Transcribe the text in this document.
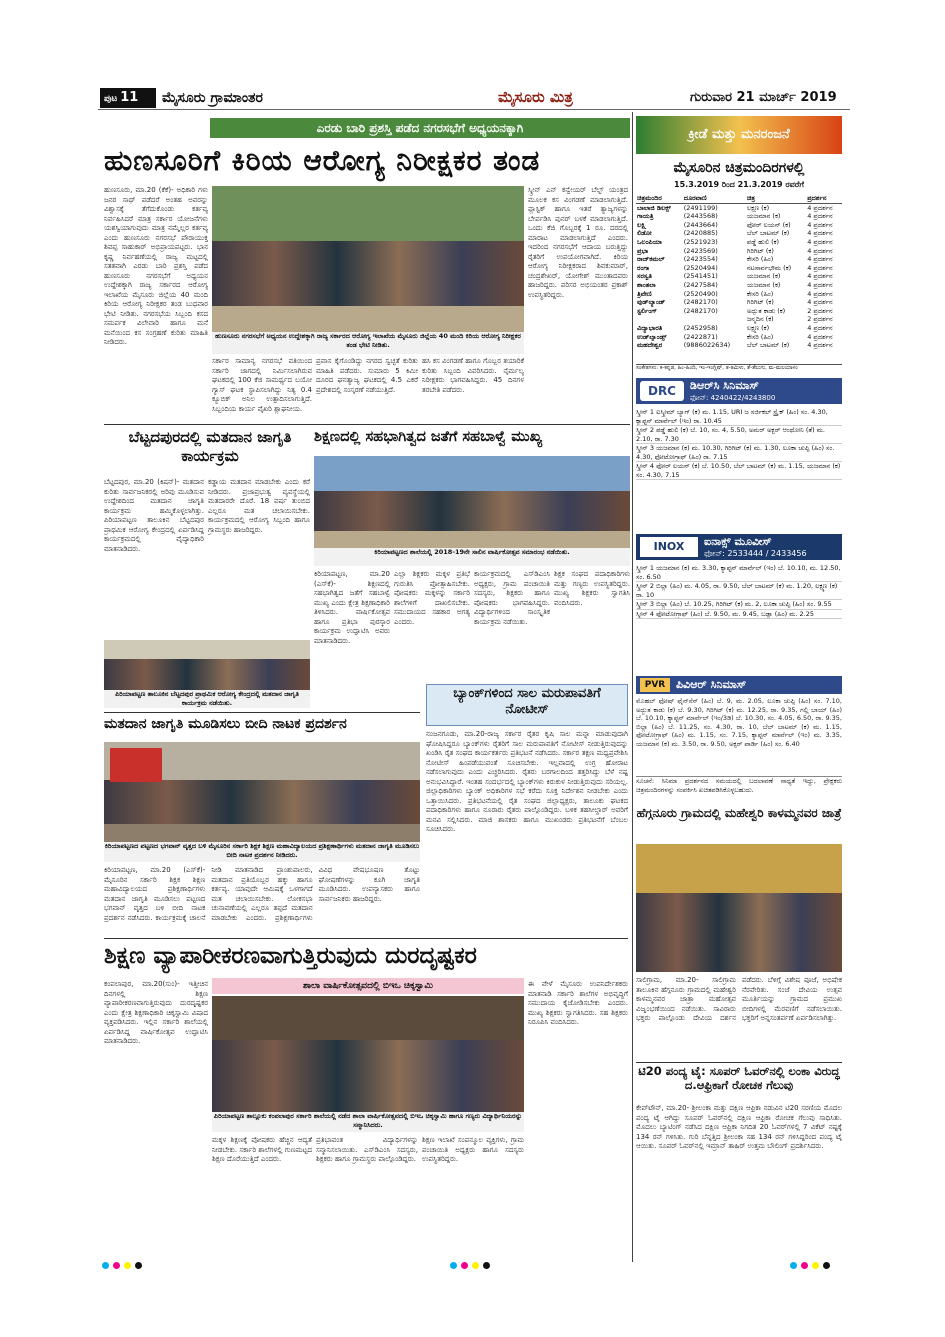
ಪುಟ 11	ಮೈಸೂರು ಗ್ರಾಮಾಂತರ	ಮೈಸೂರು ಮಿತ್ರ	ಗುರುವಾರ 21 ಮಾರ್ಚ್ 2019
ಎರಡು ಬಾರಿ ಪ್ರಶಸ್ತಿ ಪಡೆದ ನಗರಸಭೆಗೆ ಅಧ್ಯಯನಕ್ಕಾಗಿ
ಹುಣಸೂರಿಗೆ ಕಿರಿಯ ಆರೋಗ್ಯ ನಿರೀಕ್ಷಕರ ತಂಡ
ಹುಣಸೂರು, ಮಾ.20 (ಕೆಕೆ)- ಅಧಿಕಾರಿ ಗಳು ಜನರ ಸಾಥ್ ಪಡೆದರೆ ಅಂತಹ ಅವರನ್ನು ವಿಶ್ವಾಸಕ್ಕೆ ತೆಗೆದುಕೊಂಡು ಕರ್ತವ್ಯ ನಿರ್ವಹಿಸಿದರೆ ಮಾತ್ರ ಸರ್ಕಾರ ಯೋಜನೆಗಳು ಯಶಸ್ವಿಯಾಗುವುದು ಮಾತ್ರ ನಮ್ಮೆಲ್ಲರ ಕರ್ತವ್ಯ ಎಂದು ಹುಣಸೂರು ನಗರಸಭೆ ಪೌರಾಯುಕ್ತ ಶಿವಪ್ಪ ಸಾಹುಕಾರ್ ಅಭಿಪ್ರಾಯಪಟ್ಟರು. ಭಾನ ಕೃಷ್ಣ ನಿರ್ವಹಣೆಯಲ್ಲಿ ರಾಜ್ಯ ಮಟ್ಟದಲ್ಲಿ ಸತತವಾಗಿ ಎರಡು ಬಾರಿ ಪ್ರಶಸ್ತಿ ಪಡೆದ ಹುಣಸೂರು ನಗರಸಭೆಗೆ ಅಧ್ಯಯನ ಉದ್ದೇಶಕ್ಕಾಗಿ ರಾಜ್ಯ ಸರ್ಕಾರದ ಆರೋಗ್ಯ ಇಲಾಖೆಯ ಮೈಸೂರು ಜಿಲ್ಲೆಯ 40 ಮಂದಿ ಕಿರಿಯ ಆರೋಗ್ಯ ನಿರೀಕ್ಷಕರ ತಂಡ ಬುಧವಾರ ಭೇಟಿ ನೀಡಿತು. ನಗರಸಭೆಯ ಸಿಬ್ಬಂದಿ ಕಸದ ಸಮರ್ಪಕ ವಿಲೇವಾರಿ ಹಾಗೂ ಮನೆ ಮನೆಯಿಂದ ಕಸ ಸಂಗ್ರಹಣೆ ಕುರಿತು ಮಾಹಿತಿ ನೀಡಿದರು.
ಹುಣಸೂರು ನಗರಸಭೆಗೆ ಅಧ್ಯಯನ ಉದ್ದೇಶಕ್ಕಾಗಿ ರಾಜ್ಯ ಸರ್ಕಾರದ ಆರೋಗ್ಯ ಇಲಾಖೆಯ ಮೈಸೂರು ಜಿಲ್ಲೆಯ 40 ಮಂದಿ ಕಿರಿಯ ಆರೋಗ್ಯ ನಿರೀಕ್ಷಕರ ತಂಡ ಭೇಟಿ ನೀಡಿತು.
ಸರ್ಕಾರ ಸಾಮಾನ್ಯ ನಗರಸಭೆ ವತಿಯಿಂದ ಸರ್ಕಾರಿ ಜಾಗದಲ್ಲಿ ನಿರ್ಮಿಸಲಾಗಿರುವ ಘಟಕದಲ್ಲಿ 100 ಕೆಜಿ ಸಾಮರ್ಥ್ಯದ ಬಯೋ ಗ್ಯಾಸ್ ಘಟಕ ಸ್ಥಾಪಿಸಲಾಗಿದ್ದು ನಿತ್ಯ 0.4 ಕ್ಯೂಬಿಕ್ ಅನಿಲ ಉತ್ಪಾದಿಸಲಾಗುತ್ತಿದೆ. ಸಿಬ್ಬಂದಿಯ ಕಾರ್ಯ ವೈಖರಿ ಶ್ಲಾಘನೀಯ.
ಪ್ರವಾಸ ಕೈಗೊಂಡಿದ್ದು ನಗರದ ಸ್ವಚ್ಛತೆ ಕುರಿತು ಮಾಹಿತಿ ಪಡೆದರು. ಸುಮಾರು 5 ಕಿಮೀ ದೂರದ ಘನತ್ಯಾಜ್ಯ ಘಟಕದಲ್ಲಿ 4.5 ಎಕರೆ ಪ್ರದೇಶದಲ್ಲಿ ಸಂಸ್ಕರಣೆ ನಡೆಯುತ್ತಿದೆ.
ಹಸಿ ಕಸ ವಿಂಗಡಣೆ ಹಾಗೂ ಗೊಬ್ಬರ ತಯಾರಿಕೆ ಕುರಿತು ಸಿಬ್ಬಂದಿ ವಿವರಿಸಿದರು. ನೈರ್ಮಲ್ಯ ನಿರೀಕ್ಷಕರು ಭಾಗವಹಿಸಿದ್ದರು. 45 ದಿನಗಳ ತರಬೇತಿ ಪಡೆದರು.
ಸ್ಕ್ರೀನ್ ಎನ್ ಕನ್ವೇಯರ್ ಬೆಲ್ಟ್ ಯಂತ್ರದ ಮೂಲಕ ಕಸ ವಿಂಗಡಣೆ ಮಾಡಲಾಗುತ್ತಿದೆ. ಪ್ಲಾಸ್ಟಿಕ್ ಹಾಗೂ ಇತರೆ ತ್ಯಾಜ್ಯಗಳನ್ನು ಬೇರ್ಪಡಿಸಿ ಪುನರ್ ಬಳಕೆ ಮಾಡಲಾಗುತ್ತಿದೆ. ಒಂದು ಕೆಜಿ ಗೊಬ್ಬರಕ್ಕೆ 1 ರೂ. ದರದಲ್ಲಿ ಮಾರಾಟ ಮಾಡಲಾಗುತ್ತಿದೆ ಎಂದರು. ಇದರಿಂದ ನಗರಸಭೆಗೆ ಆದಾಯ ಬರುತ್ತಿದ್ದು ರೈತರಿಗೆ ಉಪಯೋಗವಾಗಿದೆ. ಕಿರಿಯ ಆರೋಗ್ಯ ನಿರೀಕ್ಷಕರಾದ ಶಿವಕುಮಾರ್, ಚಂದ್ರಶೇಖರ್, ಯೋಗೇಶ್ ಮುಂತಾದವರು ಹಾಜರಿದ್ದರು. ಪರಿಸರ ಅಭಿಯಂತರ ಪ್ರಕಾಶ್ ಉಪಸ್ಥಿತರಿದ್ದರು.
ಬೆಟ್ಟದಪುರದಲ್ಲಿ ಮತದಾನ ಜಾಗೃತಿ ಕಾರ್ಯಕ್ರಮ
ಬೆಟ್ಟದಪುರ, ಮಾ.20 (ಕಿಷನ್)- ಮತದಾನ ಕುರಿತು ಸಾರ್ವಜನಿಕರಲ್ಲಿ ಅರಿವು ಮೂಡಿಸುವ ಉದ್ದೇಶದಿಂದ ಮತದಾನ ಜಾಗೃತಿ ಕಾರ್ಯಕ್ರಮ ಹಮ್ಮಿಕೊಳ್ಳಲಾಗಿತ್ತು. ಪಿರಿಯಾಪಟ್ಟಣ ತಾಲೂಕಿನ ಬೆಟ್ಟದಪುರ ಪ್ರಾಥಮಿಕ ಆರೋಗ್ಯ ಕೇಂದ್ರದಲ್ಲಿ ಏರ್ಪಡಿಸಿದ್ದ ಕಾರ್ಯಕ್ರಮದಲ್ಲಿ ವೈದ್ಯಾಧಿಕಾರಿ ಮಾತನಾಡಿದರು.
ಕಡ್ಡಾಯ ಮತದಾನ ಮಾಡಬೇಕು ಎಂದು ಕರೆ ನೀಡಿದರು. ಪ್ರಜಾಪ್ರಭುತ್ವ ವ್ಯವಸ್ಥೆಯಲ್ಲಿ ಮತದಾರರೇ ದೊರೆ. 18 ವರ್ಷ ತುಂಬಿದ ಎಲ್ಲರೂ ಮತ ಚಲಾಯಿಸಬೇಕು. ಕಾರ್ಯಕ್ರಮದಲ್ಲಿ ಆರೋಗ್ಯ ಸಿಬ್ಬಂದಿ ಹಾಗೂ ಗ್ರಾಮಸ್ಥರು ಹಾಜರಿದ್ದರು.
ಪಿರಿಯಾಪಟ್ಟಣ ತಾಲೂಕಿನ ಬೆಟ್ಟದಪುರ ಪ್ರಾಥಮಿಕ ಆರೋಗ್ಯ ಕೇಂದ್ರದಲ್ಲಿ ಮತದಾನ ಜಾಗೃತಿ ಕಾರ್ಯಕ್ರಮ ನಡೆಯಿತು.
ಶಿಕ್ಷಣದಲ್ಲಿ ಸಹಭಾಗಿತ್ವದ ಜತೆಗೆ ಸಹಬಾಳ್ವೆ ಮುಖ್ಯ
ಕಿರಿಯಾಪಟ್ಟಣದ ಶಾಲೆಯಲ್ಲಿ 2018-19ನೇ ಸಾಲಿನ ವಾರ್ಷಿಕೋತ್ಸವ ಸಮಾರಂಭ ನಡೆಯಿತು.
ಕಿರಿಯಾಪಟ್ಟಣ, ಮಾ.20 (ಎಸ್‌ಕೆ)- ಶಿಕ್ಷಣದಲ್ಲಿ ಸಹಭಾಗಿತ್ವದ ಜತೆಗೆ ಸಹಬಾಳ್ವೆ ಮುಖ್ಯ ಎಂದು ಕ್ಷೇತ್ರ ಶಿಕ್ಷಣಾಧಿಕಾರಿ ತಿಳಿಸಿದರು. ವಾರ್ಷಿಕೋತ್ಸವ ಹಾಗೂ ಪ್ರತಿಭಾ ಪುರಸ್ಕಾರ ಕಾರ್ಯಕ್ರಮ ಉದ್ಘಾಟಿಸಿ ಅವರು ಮಾತನಾಡಿದರು.
ಎಲ್ಲಾ ಶಿಕ್ಷಕರು ಮಕ್ಕಳ ಪ್ರತಿಭೆ ಗುರುತಿಸಿ ಪ್ರೋತ್ಸಾಹಿಸಬೇಕು. ಪೋಷಕರು ಮಕ್ಕಳನ್ನು ಸರ್ಕಾರಿ ಶಾಲೆಗಳಿಗೆ ದಾಖಲಿಸಬೇಕು. ಸಮುದಾಯದ ಸಹಕಾರ ಅಗತ್ಯ ಎಂದರು.
ಕಾರ್ಯಕ್ರಮದಲ್ಲಿ ಎಸ್‌ಡಿಎಂಸಿ ಅಧ್ಯಕ್ಷರು, ಗ್ರಾಮ ಪಂಚಾಯಿತಿ ಸದಸ್ಯರು, ಶಿಕ್ಷಕರು ಹಾಗೂ ಪೋಷಕರು ಭಾಗವಹಿಸಿದ್ದರು. ವಿದ್ಯಾರ್ಥಿಗಳಿಂದ ಸಾಂಸ್ಕೃತಿಕ ಕಾರ್ಯಕ್ರಮ ನಡೆಯಿತು.
ಶಿಕ್ಷಕ ಸಂಘದ ಪದಾಧಿಕಾರಿಗಳು ಮತ್ತು ಗಣ್ಯರು ಉಪಸ್ಥಿತರಿದ್ದರು. ಮುಖ್ಯ ಶಿಕ್ಷಕರು ಸ್ವಾಗತಿಸಿ ವಂದಿಸಿದರು.
ಬ್ಯಾಂಕ್‌ಗಳಿಂದ ಸಾಲ ಮರುಪಾವತಿಗೆ ನೋಟೀಸ್
ನಂಜನಗೂಡು, ಮಾ.20-ರಾಜ್ಯ ಸರ್ಕಾರ ರೈತರ ಕೃಷಿ ಸಾಲ ಮನ್ನಾ ಮಾಡುವುದಾಗಿ ಘೋಷಿಸಿದ್ದರೂ ಬ್ಯಾಂಕ್‌ಗಳು ರೈತರಿಗೆ ಸಾಲ ಮರುಪಾವತಿಗೆ ನೋಟೀಸ್ ನೀಡುತ್ತಿರುವುದನ್ನು ಖಂಡಿಸಿ ರೈತ ಸಂಘದ ಕಾರ್ಯಕರ್ತರು ಪ್ರತಿಭಟನೆ ನಡೆಸಿದರು. ಸರ್ಕಾರ ತಕ್ಷಣ ಮಧ್ಯಪ್ರವೇಶಿಸಿ ನೋಟೀಸ್ ಹಿಂಪಡೆಯುವಂತೆ ಸೂಚಿಸಬೇಕು. ಇಲ್ಲವಾದಲ್ಲಿ ಉಗ್ರ ಹೋರಾಟ ನಡೆಸಲಾಗುವುದು ಎಂದು ಎಚ್ಚರಿಸಿದರು. ರೈತರು ಬರಗಾಲದಿಂದ ತತ್ತರಿಸಿದ್ದು ಬೆಳೆ ನಷ್ಟ ಅನುಭವಿಸಿದ್ದಾರೆ. ಇಂತಹ ಸಂದರ್ಭದಲ್ಲಿ ಬ್ಯಾಂಕ್‌ಗಳು ಕಿರುಕುಳ ನೀಡುತ್ತಿರುವುದು ಸರಿಯಲ್ಲ. ಜಿಲ್ಲಾಧಿಕಾರಿಗಳು ಬ್ಯಾಂಕ್ ಅಧಿಕಾರಿಗಳ ಸಭೆ ಕರೆದು ಸೂಕ್ತ ನಿರ್ದೇಶನ ನೀಡಬೇಕು ಎಂದು ಒತ್ತಾಯಿಸಿದರು. ಪ್ರತಿಭಟನೆಯಲ್ಲಿ ರೈತ ಸಂಘದ ಜಿಲ್ಲಾಧ್ಯಕ್ಷರು, ತಾಲೂಕು ಘಟಕದ ಪದಾಧಿಕಾರಿಗಳು ಹಾಗೂ ನೂರಾರು ರೈತರು ಪಾಲ್ಗೊಂಡಿದ್ದರು. ಬಳಿಕ ತಹಸೀಲ್ದಾರ್ ಅವರಿಗೆ ಮನವಿ ಸಲ್ಲಿಸಿದರು. ಮಾಜಿ ಶಾಸಕರು ಹಾಗೂ ಮುಖಂಡರು ಪ್ರತಿಭಟನೆಗೆ ಬೆಂಬಲ ಸೂಚಿಸಿದರು.
ಮತದಾನ ಜಾಗೃತಿ ಮೂಡಿಸಲು ಬೀದಿ ನಾಟಕ ಪ್ರದರ್ಶನ
ಕಿರಿಯಾಪಟ್ಟಣದ ಪಟ್ಟಣದ ಭಗವಾನ್ ವೃತ್ತದ ಬಳಿ ಮೈಸೂರಿನ ಸರ್ಕಾರಿ ಶಿಕ್ಷಕ ಶಿಕ್ಷಣ ಮಹಾವಿದ್ಯಾಲಯದ ಪ್ರಶಿಕ್ಷಣಾರ್ಥಿಗಳು ಮತದಾನ ಜಾಗೃತಿ ಮೂಡಿಸಲು ಬೀದಿ ನಾಟಕ ಪ್ರದರ್ಶನ ನೀಡಿದರು.
ಕಿರಿಯಾಪಟ್ಟಣ, ಮಾ.20 (ಎಸ್‌ಕೆ)- ಮೈಸೂರಿನ ಸರ್ಕಾರಿ ಶಿಕ್ಷಕ ಶಿಕ್ಷಣ ಮಹಾವಿದ್ಯಾಲಯದ ಪ್ರಶಿಕ್ಷಣಾರ್ಥಿಗಳು ಮತದಾನ ಜಾಗೃತಿ ಮೂಡಿಸಲು ಪಟ್ಟಣದ ಭಗವಾನ್ ವೃತ್ತದ ಬಳಿ ಬೀದಿ ನಾಟಕ ಪ್ರದರ್ಶನ ನಡೆಸಿದರು. ಕಾರ್ಯಕ್ರಮಕ್ಕೆ ಚಾಲನೆ ನೀಡಿ ಮಾತನಾಡಿದ ಪ್ರಾಂಶುಪಾಲರು, ಮತದಾನ ಪ್ರತಿಯೊಬ್ಬರ ಹಕ್ಕು ಹಾಗೂ ಕರ್ತವ್ಯ. ಯಾವುದೇ ಆಮಿಷಕ್ಕೆ ಒಳಗಾಗದೆ ಮತ ಚಲಾಯಿಸಬೇಕು. ಲೋಕಸಭಾ ಚುನಾವಣೆಯಲ್ಲಿ ಎಲ್ಲರೂ ತಪ್ಪದೆ ಮತದಾನ ಮಾಡಬೇಕು ಎಂದರು. ಪ್ರಶಿಕ್ಷಣಾರ್ಥಿಗಳು ವಿವಿಧ ವೇಷಭೂಷಣ ತೊಟ್ಟು ಘೋಷಣೆಗಳನ್ನು ಕೂಗಿ ಜಾಗೃತಿ ಮೂಡಿಸಿದರು. ಉಪನ್ಯಾಸಕರು ಹಾಗೂ ಸಾರ್ವಜನಿಕರು ಹಾಜರಿದ್ದರು.
ಶಿಕ್ಷಣ ವ್ಯಾಪಾರೀಕರಣವಾಗುತ್ತಿರುವುದು ದುರದೃಷ್ಟಕರ
ಶಾಲಾ ವಾರ್ಷಿಕೋತ್ಸವದಲ್ಲಿ ಬಿಇಒ ಚಿಕ್ಕಸ್ವಾಮಿ
ಕಂಪಲಾಪುರ, ಮಾ.20(ಸುಂ)- ಇತ್ತೀಚಿನ ದಿನಗಳಲ್ಲಿ ಶಿಕ್ಷಣ ವ್ಯಾಪಾರೀಕರಣವಾಗುತ್ತಿರುವುದು ದುರದೃಷ್ಟಕರ ಎಂದು ಕ್ಷೇತ್ರ ಶಿಕ್ಷಣಾಧಿಕಾರಿ ಚಿಕ್ಕಸ್ವಾಮಿ ವಿಷಾದ ವ್ಯಕ್ತಪಡಿಸಿದರು. ಇಲ್ಲಿನ ಸರ್ಕಾರಿ ಶಾಲೆಯಲ್ಲಿ ಏರ್ಪಡಿಸಿದ್ದ ವಾರ್ಷಿಕೋತ್ಸವ ಉದ್ಘಾಟಿಸಿ ಮಾತನಾಡಿದರು.
ಪಿರಿಯಾಪಟ್ಟಣ ತಾಲ್ಲೂಕು ಕಂಪಲಾಪುರ ಸರ್ಕಾರಿ ಶಾಲೆಯಲ್ಲಿ ನಡೆದ ಶಾಲಾ ವಾರ್ಷಿಕೋತ್ಸವದಲ್ಲಿ ಬಿಇಒ ಚಿಕ್ಕಸ್ವಾಮಿ ಹಾಗೂ ಗಣ್ಯರು ವಿದ್ಯಾರ್ಥಿನಿಯರನ್ನು ಸನ್ಮಾನಿಸಿದರು.
ಮಕ್ಕಳ ಶಿಕ್ಷಣಕ್ಕೆ ಪೋಷಕರು ಹೆಚ್ಚಿನ ಆದ್ಯತೆ ನೀಡಬೇಕು. ಸರ್ಕಾರಿ ಶಾಲೆಗಳಲ್ಲಿ ಗುಣಮಟ್ಟದ ಶಿಕ್ಷಣ ದೊರೆಯುತ್ತಿದೆ ಎಂದರು.
ಪ್ರತಿಭಾವಂತ ವಿದ್ಯಾರ್ಥಿಗಳನ್ನು ಸನ್ಮಾನಿಸಲಾಯಿತು. ಎಸ್‌ಡಿಎಂಸಿ ಸದಸ್ಯರು, ಶಿಕ್ಷಕರು ಹಾಗೂ ಗ್ರಾಮಸ್ಥರು ಪಾಲ್ಗೊಂಡಿದ್ದರು.
ಶಿಕ್ಷಣ ಇಲಾಖೆ ಸಂಪನ್ಮೂಲ ವ್ಯಕ್ತಿಗಳು, ಗ್ರಾಮ ಪಂಚಾಯಿತಿ ಅಧ್ಯಕ್ಷರು ಹಾಗೂ ಸದಸ್ಯರು ಉಪಸ್ಥಿತರಿದ್ದರು.
ಈ ವೇಳೆ ಮೈಸೂರು ಉಪನಿರ್ದೇಶಕರು ಮಾತನಾಡಿ ಸರ್ಕಾರಿ ಶಾಲೆಗಳ ಅಭಿವೃದ್ಧಿಗೆ ಸಮುದಾಯ ಕೈಜೋಡಿಸಬೇಕು ಎಂದರು. ಮುಖ್ಯ ಶಿಕ್ಷಕರು ಸ್ವಾಗತಿಸಿದರು. ಸಹ ಶಿಕ್ಷಕರು ನಿರೂಪಿಸಿ ವಂದಿಸಿದರು.
ಕ್ರೀಡೆ ಮತ್ತು ಮನರಂಜನೆ
ಮೈಸೂರಿನ ಚಿತ್ರಮಂದಿರಗಳಲ್ಲಿ
15.3.2019 ರಿಂದ 21.3.2019 ರವರೆಗೆ
ಚಿತ್ರಮಂದಿರ	ದೂರವಾಣಿ	ಚಿತ್ರ	ಪ್ರದರ್ಶನ
ಬಾಲಾಜಿ ಡಿಲಕ್ಸ್	(2491199)	ಲಕ್ಷ್ಮಣ (ಕ)	4 ಪ್ರದರ್ಶನ
ಗಾಯತ್ರಿ	(2443568)	ಯಜಮಾನ (ಕ)	4 ಪ್ರದರ್ಶನ
ಲಕ್ಷ್ಮಿ	(2443664)	ಫೋರ್ ಲಯನ್ (ಕ)	4 ಪ್ರದರ್ಶನ
ಲಿಡೋ	(2420885)	ಬೆಲ್ ಬಾಟಮ್ (ಕ)	4 ಪ್ರದರ್ಶನ
ಒಲಂಪಿಯಾ	(2521923)	ಪಡ್ಡೆ ಹುಲಿ (ಕ)	4 ಪ್ರದರ್ಶನ
ಪ್ರಭಾ	(2423569)	ಗಿರಿಗಿಟ್ (ಕ)	4 ಪ್ರದರ್ಶನ
ರಾಜ್‌ಕಮಲ್	(2423554)	ಕೇಸರಿ (ಹಿಂ)	4 ಪ್ರದರ್ಶನ
ರಂಗಾ	(2520494)	ನಟಸಾರ್ವಭೌಮ (ಕ)	4 ಪ್ರದರ್ಶನ
ಸರಸ್ವತಿ	(2541451)	ಯಜಮಾನ (ಕ)	4 ಪ್ರದರ್ಶನ
ಶಾಂತಲಾ	(2427584)	ಯಜಮಾನ (ಕ)	4 ಪ್ರದರ್ಶನ
ತ್ರಿವೇಣಿ	(2520490)	ಕೇಸರಿ (ಹಿಂ)	4 ಪ್ರದರ್ಶನ
ವುಡ್‌ಲ್ಯಾಂಡ್	(2482170)	ಗಿರಿಗಿಟ್ (ಕ)	4 ಪ್ರದರ್ಶನ
ಸ್ಟರ್ಲಿಂಗ್	(2482170)	ಅದ್ಭುತ ಕಾಡು (ಕ)	2 ಪ್ರದರ್ಶನ
		ಜನ್ಮದಿನ (ಕ)	2 ಪ್ರದರ್ಶನ
ವಿದ್ಯಾಭಾರತಿ	(2452958)	ಲಕ್ಷ್ಮಣ (ಕ)	4 ಪ್ರದರ್ಶನ
ಉಡ್‌ಲ್ಯಾಂಡ್ಸ್	(2422871)	ಕೇಸರಿ (ಹಿಂ)	4 ಪ್ರದರ್ಶನ
ಮಹದೇಶ್ವರ	(9886022634)	ಬೆಲ್ ಬಾಟಮ್ (ಕ)	4 ಪ್ರದರ್ಶನ
ಸಂಕೇತಗಳು: ಕ-ಕನ್ನಡ, ಹಿಂ-ಹಿಂದಿ, ಇಂ-ಇಂಗ್ಲಿಷ್, ತ-ತಮಿಳು, ತೆ-ತೆಲುಗು, ಮ-ಮಲಯಾಳಂ
DRC	ಡಿಆರ್‌ಸಿ ಸಿನಿಮಾಸ್
ಫೋನ್: 4240422/4243800
ಸ್ಕ್ರೀನ್ 1 ಐಸ್ಕ್ರೀಮ್ ಬ್ಯಾಗ್ (ಕ) ಮ. 1.15, URI ಜ ಸರ್ಜಿಕಲ್ ಸ್ಟ್ರೈಕ್ (ಹಿಂ) ಸಂ. 4.30, ಕ್ಯಾಪ್ಟನ್ ಮಾರ್ವೆಲ್ (ಇಂ) ರಾ. 10.45
ಸ್ಕ್ರೀನ್ 2 ಪಡ್ಡೆ ಹುಲಿ (ಕ) ಬೆ. 10, ಸಂ. 4, 5.50, ಅಮರ್ ಅಕ್ಬರ್ ಆಂಥೋನಿ (ತೆ) ಮ. 2.10, ರಾ. 7.30
ಸ್ಕ್ರೀನ್ 3 ಯಜಮಾನ (ಕ) ಮ. 10.30, ಗಿರಿಗಿಟ್ (ಕ) ಮ. 1.30, ಲೂಕಾ ಚುಪ್ಪಿ (ಹಿಂ) ಸಂ. 4.30, ಫೋಟೋಗ್ರಾಫ್ (ಹಿಂ) ರಾ. 7.15
ಸ್ಕ್ರೀನ್ 4 ಫೋರ್ ಲಯನ್ (ಕ) ಬೆ. 10.50, ಬೆಲ್ ಬಾಟಮ್ (ಕ) ಮ. 1.15, ಯಜಮಾನ (ಕ) ಸಂ. 4.30, 7.15
INOX	ಐನಾಕ್ಸ್ ಮೂವೀಸ್
ಫೋನ್: 2533444 / 2433456
ಸ್ಕ್ರೀನ್ 1 ಯಜಮಾನ (ಕ) ಮ. 3.30, ಕ್ಯಾಪ್ಟನ್ ಮಾರ್ವೆಲ್ (ಇಂ) ಬೆ. 10.10, ಮ. 12.50, ಸಂ. 6.50
ಸ್ಕ್ರೀನ್ 2 ಬಿಲ್ಲಾ (ಹಿಂ) ಮ. 4.05, ರಾ. 9.50, ಬೆಲ್ ಬಾಟಮ್ (ಕ) ಮ. 1.20, ಲಕ್ಷ್ಮಣ (ಕ) ರಾ. 10
ಸ್ಕ್ರೀನ್ 3 ಬಿಲ್ಲಾ (ಹಿಂ) ಬೆ. 10.25, ಗಿರಿಗಿಟ್ (ಕ) ಮ. 2, ಲೂಕಾ ಚುಪ್ಪಿ (ಹಿಂ) ಸಂ. 9.55
ಸ್ಕ್ರೀನ್ 4 ಫೋಟೋಗ್ರಾಫ್ (ಹಿಂ) ಬೆ. 9.50, ಮ. 9.45, ಬಡ್ಲಾ (ಹಿಂ) ಮ. 2.25
PVR ಪಿವಿಆರ್ ಸಿನಿಮಾಸ್
ಮೊಹಲ್ ಫೋಷ್ ಫೈನ್‌ಸೆಸ್ (ಹಿಂ) ಬೆ. 9, ಮ. 2.05, ಲೂಕಾ ಚುಪ್ಪಿ (ಹಿಂ) ಸಂ. 7.10, ಅದ್ಭುತ ಕಾಡು (ಕ) ಬೆ. 9.30, ಗಿರಿಗಿಟ್ (ಕ) ಮ. 12.25, ರಾ. 9.35, ಗಲ್ಲಿ ಬಾಯ್ (ಹಿಂ) ಬೆ. 10.10, ಕ್ಯಾಪ್ಟನ್ ಮಾರ್ವೆಲ್ (ಇಂ/3ಡಿ) ಬೆ. 10.30, ಸಂ. 4.05, 6.50, ರಾ. 9.35, ಬಿಲ್ಲಾ (ಹಿಂ) ಬೆ. 11.25, ಸಂ. 4.30, ರಾ. 10, ಬೆಲ್ ಬಾಟಮ್ (ಕ) ಮ. 1.15, ಫೋಟೋಗ್ರಾಫ್ (ಹಿಂ) ಮ. 1.15, ಸಂ. 7.15, ಕ್ಯಾಪ್ಟನ್ ಮಾರ್ವೆಲ್ (ಇಂ) ಮ. 3.35, ಯಜಮಾನ (ಕ) ಮ. 3.50, ರಾ. 9.50, ಅಕ್ಸರ್ ಪಾರ್ಡಿ (ಹಿಂ) ಸಂ. 6.40
ಸೂಚನೆ: ಸಿನಿಮಾ ಪ್ರದರ್ಶನದ ಸಮಯದಲ್ಲಿ ಬದಲಾವಣೆ ಸಾಧ್ಯತೆ ಇದ್ದು, ಪ್ರೇಕ್ಷಕರು ಚಿತ್ರಮಂದಿರಗಳನ್ನು ಸಂಪರ್ಕಿಸಿ ಖಚಿತಪಡಿಸಿಕೊಳ್ಳಬಹುದು.
ಹೆಗ್ಗನೂರು ಗ್ರಾಮದಲ್ಲಿ ಮಹೇಶ್ವರಿ ಕಾಳಮ್ಮನವರ ಜಾತ್ರೆ
ಸಾಲಿಗ್ರಾಮ, ಮಾ.20- ಸಾಲಿಗ್ರಾಮ ತಾಲೂಕಿನ ಹೆಗ್ಗನೂರು ಗ್ರಾಮದಲ್ಲಿ ಮಹೇಶ್ವರಿ ಕಾಳಮ್ಮನವರ ಜಾತ್ರಾ ಮಹೋತ್ಸವ ವಿಜೃಂಭಣೆಯಿಂದ ನಡೆಯಿತು. ಸಾವಿರಾರು ಭಕ್ತರು ಪಾಲ್ಗೊಂಡು ದೇವಿಯ ದರ್ಶನ ಪಡೆದರು. ಬೆಳಿಗ್ಗೆ ವಿಶೇಷ ಪೂಜೆ, ಅಭಿಷೇಕ ನೆರವೇರಿತು. ಸಂಜೆ ದೇವಿಯ ಉತ್ಸವ ಮೂರ್ತಿಯನ್ನು ಗ್ರಾಮದ ಪ್ರಮುಖ ಬೀದಿಗಳಲ್ಲಿ ಮೆರವಣಿಗೆ ನಡೆಸಲಾಯಿತು. ಭಕ್ತರಿಗೆ ಅನ್ನಸಂತರ್ಪಣೆ ಏರ್ಪಡಿಸಲಾಗಿತ್ತು.
ಟಿ20 ಪಂದ್ಯ ಟೈ: ಸೂಪರ್ ಓವರ್‌ನಲ್ಲಿ ಲಂಕಾ ವಿರುದ್ಧ ದ.ಆಫ್ರಿಕಾಗೆ ರೋಚಕ ಗೆಲುವು
ಕೇಪ್‌ಟೌನ್, ಮಾ.20- ಶ್ರೀಲಂಕಾ ಮತ್ತು ದಕ್ಷಿಣ ಆಫ್ರಿಕಾ ನಡುವಿನ ಟಿ20 ಸರಣಿಯ ಮೊದಲ ಪಂದ್ಯ ಟೈ ಆಗಿದ್ದು ಸೂಪರ್ ಓವರ್‌ನಲ್ಲಿ ದಕ್ಷಿಣ ಆಫ್ರಿಕಾ ರೋಚಕ ಗೆಲುವು ಸಾಧಿಸಿತು. ಮೊದಲು ಬ್ಯಾಟಿಂಗ್ ನಡೆಸಿದ ದಕ್ಷಿಣ ಆಫ್ರಿಕಾ ನಿಗದಿತ 20 ಓವರ್‌ಗಳಲ್ಲಿ 7 ವಿಕೆಟ್ ನಷ್ಟಕ್ಕೆ 134 ರನ್ ಗಳಿಸಿತು. ಗುರಿ ಬೆನ್ನತ್ತಿದ ಶ್ರೀಲಂಕಾ ಸಹ 134 ರನ್ ಗಳಿಸಿದ್ದರಿಂದ ಪಂದ್ಯ ಟೈ ಆಯಿತು. ಸೂಪರ್ ಓವರ್‌ನಲ್ಲಿ ಇಮ್ರಾನ್ ತಾಹಿರ್ ಉತ್ತಮ ಬೌಲಿಂಗ್ ಪ್ರದರ್ಶಿಸಿದರು.
